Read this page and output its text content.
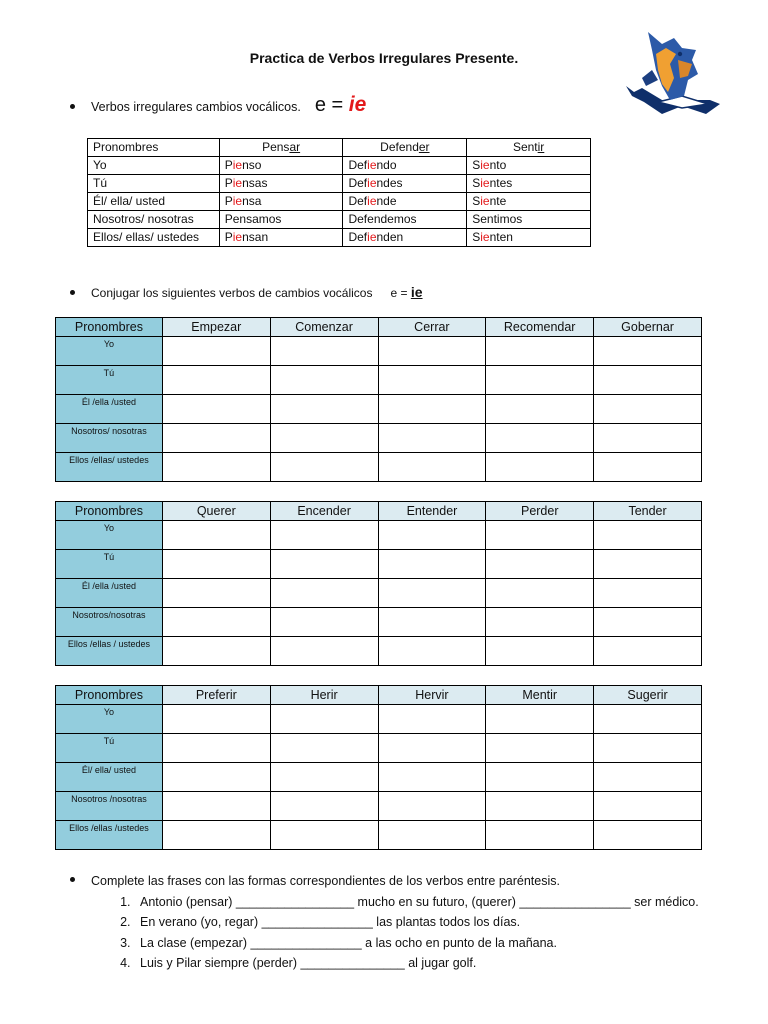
Practica de Verbos Irregulares Presente.
Verbos irregulares cambios vocálicos. e = ie
Pronombres	Pensar	Defender	Sentir
Yo	Pienso	Defiendo	Siento
Tú	Piensas	Defiendes	Sientes
Él/ ella/ usted	Piensa	Defiende	Siente
Nosotros/ nosotras	Pensamos	Defendemos	Sentimos
Ellos/ ellas/ ustedes	Piensan	Defienden	Sienten
Conjugar los siguientes verbos de cambios vocálicos e = ie
Pronombres	Empezar	Comenzar	Cerrar	Recomendar	Gobernar
Yo					
Tú					
Él /ella /usted					
Nosotros/ nosotras					
Ellos /ellas/ ustedes					
Pronombres	Querer	Encender	Entender	Perder	Tender
Yo					
Tú					
Él /ella /usted					
Nosotros/nosotras					
Ellos /ellas / ustedes					
Pronombres	Preferir	Herir	Hervir	Mentir	Sugerir
Yo					
Tú					
Él/ ella/ usted					
Nosotros /nosotras					
Ellos /ellas /ustedes					
Complete las frases con las formas correspondientes de los verbos entre paréntesis.
1. Antonio (pensar) _________________ mucho en su futuro, (querer) ________________ ser médico.
2. En verano (yo, regar) ________________ las plantas todos los días.
3. La clase (empezar) ________________ a las ocho en punto de la mañana.
4. Luis y Pilar siempre (perder) _______________ al jugar golf.
